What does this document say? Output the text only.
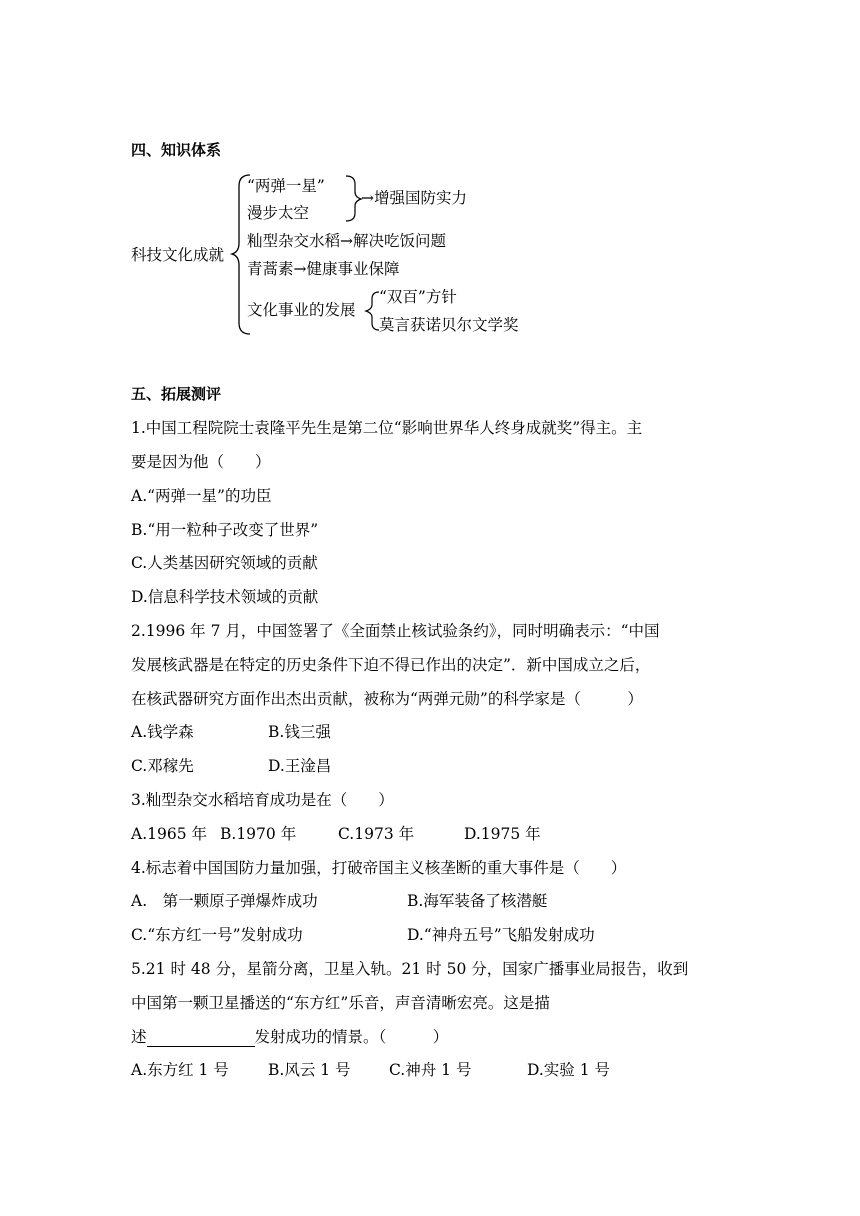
四、知识体系
科技文化成就
“两弹一星”
漫步太空
→增强国防实力
籼型杂交水稻→解决吃饭问题
青蒿素→健康事业保障
文化事业的发展
“双百”方针
莫言获诺贝尔文学奖
五、拓展测评
1.中国工程院院士袁隆平先生是第二位“影响世界华人终身成就奖”得主。主
要是因为他（　　）
A.“两弹一星”的功臣
B.“用一粒种子改变了世界”
C.人类基因研究领域的贡献
D.信息科学技术领域的贡献
2.1996 年 7 月，中国签署了《全面禁止核试验条约》，同时明确表示：“中国
发展核武器是在特定的历史条件下迫不得已作出的决定”．新中国成立之后，
在核武器研究方面作出杰出贡献，被称为“两弹元勋”的科学家是（　　　）
A.钱学森	B.钱三强
C.邓稼先	D.王淦昌
3.籼型杂交水稻培育成功是在（　　）
A.1965 年 B.1970 年	C.1973 年	D.1975 年
4.标志着中国国防力量加强，打破帝国主义核垄断的重大事件是（　　）
A.　第一颗原子弹爆炸成功	B.海军装备了核潜艇
C.“东方红一号”发射成功	D.“神舟五号”飞船发射成功
5.21 时 48 分，星箭分离，卫星入轨。21 时 50 分，国家广播事业局报告，收到
中国第一颗卫星播送的“东方红”乐音，声音清晰宏亮。这是描
述	发射成功的情景。（　　　）
A.东方红 1 号	B.风云 1 号 C.神舟 1 号	D.实验 1 号
